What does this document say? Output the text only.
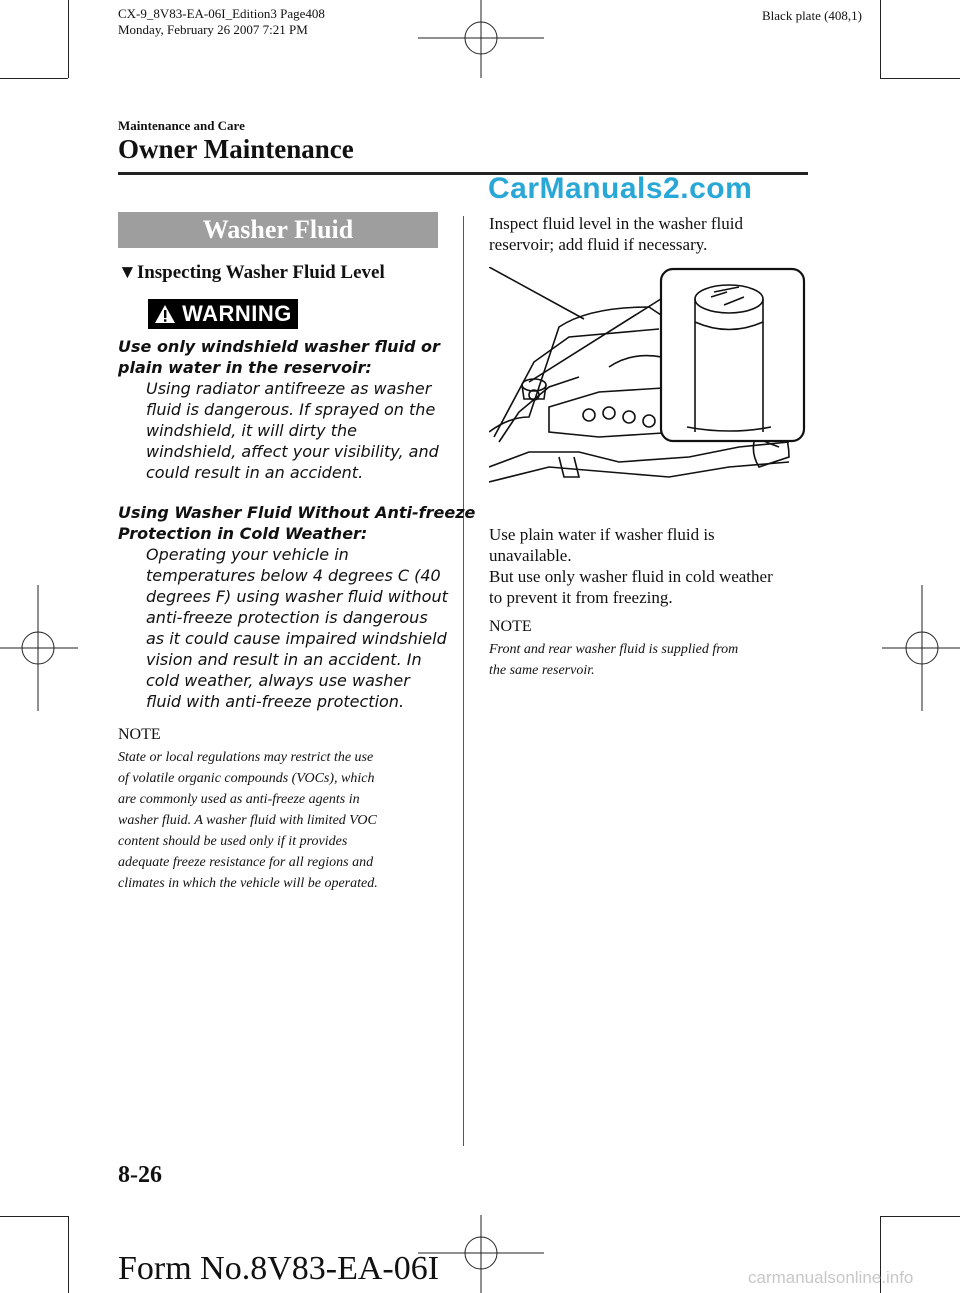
CX-9_8V83-EA-06I_Edition3 Page408
Monday, February 26 2007 7:21 PM
Black plate (408,1)
Maintenance and Care
Owner Maintenance
CarManuals2.com
Washer Fluid
▼Inspecting Washer Fluid Level
WARNING
Use only windshield washer fluid or
plain water in the reservoir:
Using radiator antifreeze as washer
fluid is dangerous. If sprayed on the
windshield, it will dirty the
windshield, affect your visibility, and
could result in an accident.
Using Washer Fluid Without Anti-freeze
Protection in Cold Weather:
Operating your vehicle in
temperatures below 4 degrees C (40
degrees F) using washer fluid without
anti-freeze protection is dangerous
as it could cause impaired windshield
vision and result in an accident. In
cold weather, always use washer
fluid with anti-freeze protection.
NOTE
State or local regulations may restrict the use
of volatile organic compounds (VOCs), which
are commonly used as anti-freeze agents in
washer fluid. A washer fluid with limited VOC
content should be used only if it provides
adequate freeze resistance for all regions and
climates in which the vehicle will be operated.
Inspect fluid level in the washer fluid
reservoir; add fluid if necessary.
Use plain water if washer fluid is
unavailable.
But use only washer fluid in cold weather
to prevent it from freezing.
NOTE
Front and rear washer fluid is supplied from
the same reservoir.
8-26
Form No.8V83-EA-06I	carmanualsonline.info
